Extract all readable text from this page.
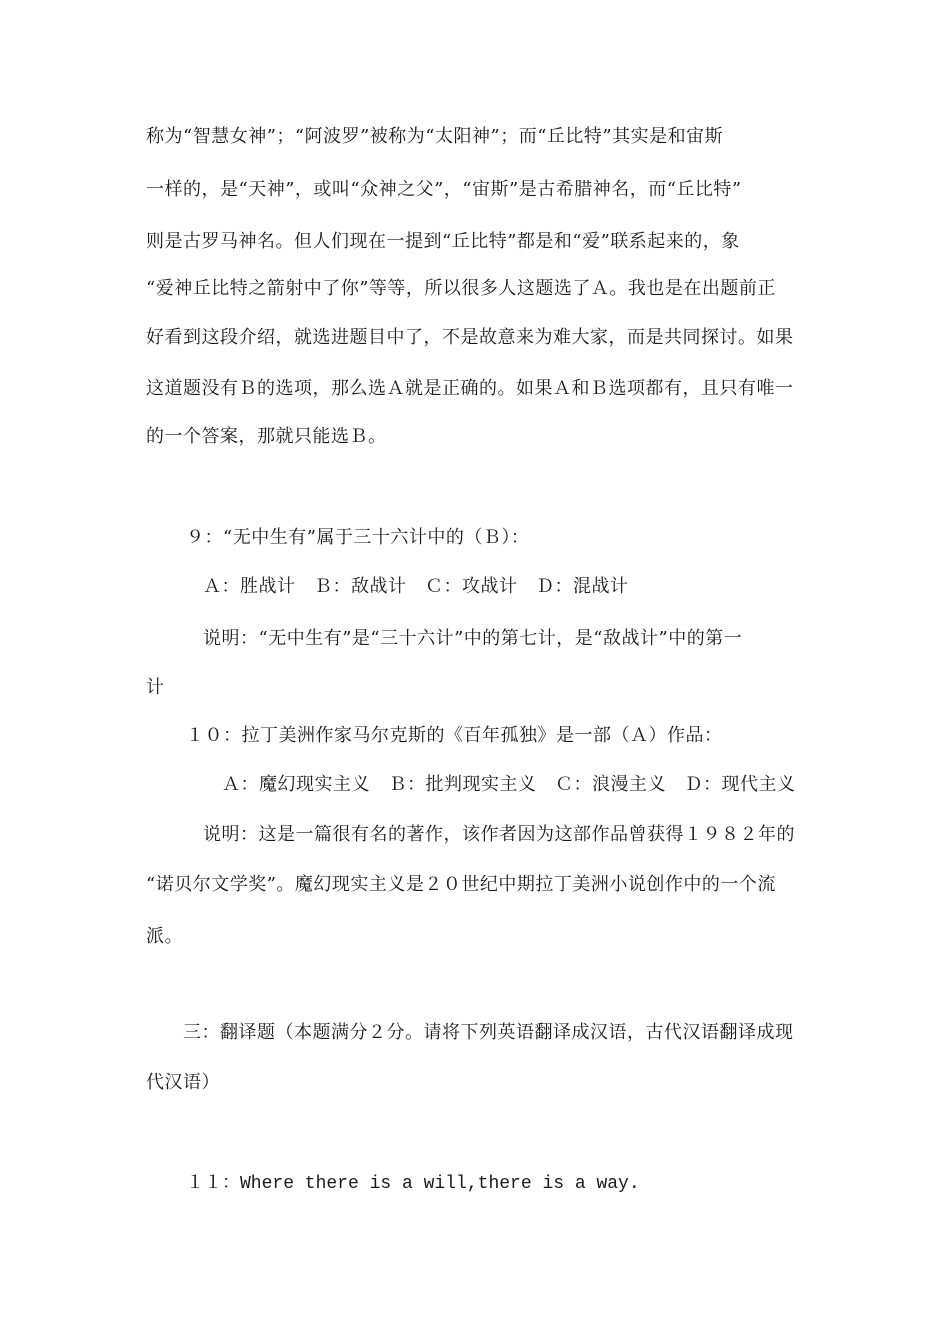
称为“智慧女神”；“阿波罗”被称为“太阳神”；而“丘比特”其实是和宙斯
一样的，是“天神”，或叫“众神之父”，“宙斯”是古希腊神名，而“丘比特”
则是古罗马神名。但人们现在一提到“丘比特”都是和“爱”联系起来的，象
“爱神丘比特之箭射中了你”等等，所以很多人这题选了Ａ。我也是在出题前正
好看到这段介绍，就选进题目中了，不是故意来为难大家，而是共同探讨。如果
这道题没有Ｂ的选项，那么选Ａ就是正确的。如果Ａ和Ｂ选项都有，且只有唯一
的一个答案，那就只能选Ｂ。
９：“无中生有”属于三十六计中的（Ｂ）：
Ａ：胜战计　Ｂ：敌战计　Ｃ：攻战计　Ｄ：混战计
说明：“无中生有”是“三十六计”中的第七计，是“敌战计”中的第一
计
１０：拉丁美洲作家马尔克斯的《百年孤独》是一部（Ａ）作品：
Ａ：魔幻现实主义　Ｂ：批判现实主义　Ｃ：浪漫主义　Ｄ：现代主义
说明：这是一篇很有名的著作，该作者因为这部作品曾获得１９８２年的
“诺贝尔文学奖”。魔幻现实主义是２０世纪中期拉丁美洲小说创作中的一个流
派。
三：翻译题（本题满分２分。请将下列英语翻译成汉语，古代汉语翻译成现
代汉语）
１１：Where there is a will,there is a way.
